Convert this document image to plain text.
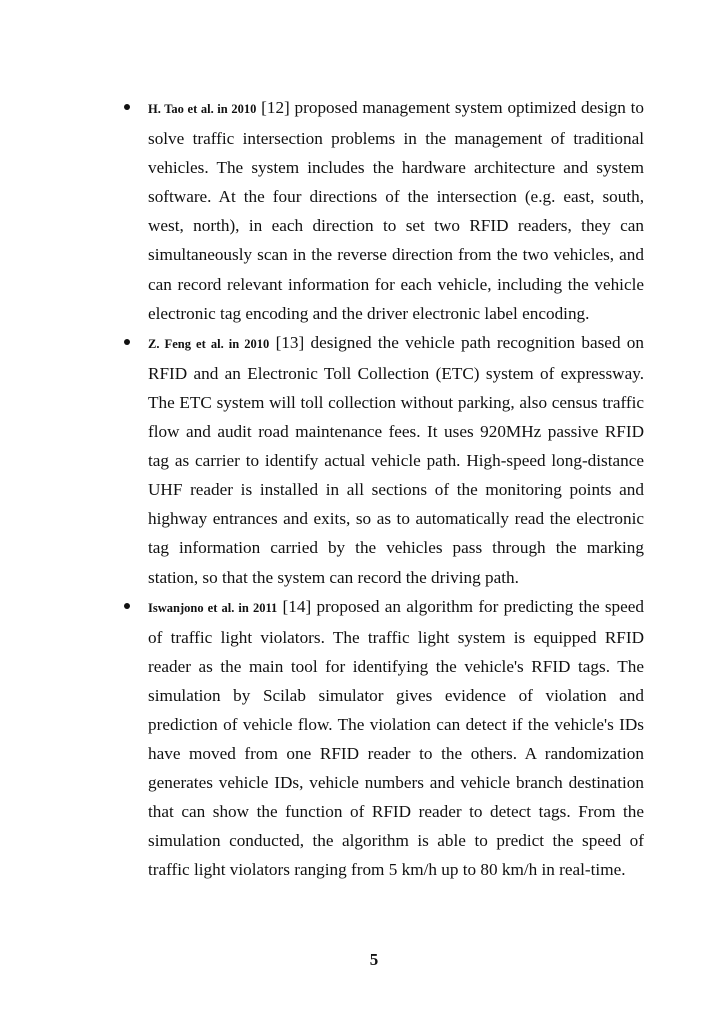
H. Tao et al. in 2010 [12] proposed management system optimized design to solve traffic intersection problems in the management of traditional vehicles. The system includes the hardware architecture and system software. At the four directions of the intersection (e.g. east, south, west, north), in each direction to set two RFID readers, they can simultaneously scan in the reverse direction from the two vehicles, and can record relevant information for each vehicle, including the vehicle electronic tag encoding and the driver electronic label encoding.
Z. Feng et al. in 2010 [13] designed the vehicle path recognition based on RFID and an Electronic Toll Collection (ETC) system of expressway. The ETC system will toll collection without parking, also census traffic flow and audit road maintenance fees. It uses 920MHz passive RFID tag as carrier to identify actual vehicle path. High-speed long-distance UHF reader is installed in all sections of the monitoring points and highway entrances and exits, so as to automatically read the electronic tag information carried by the vehicles pass through the marking station, so that the system can record the driving path.
Iswanjono et al. in 2011 [14] proposed an algorithm for predicting the speed of traffic light violators. The traffic light system is equipped RFID reader as the main tool for identifying the vehicle's RFID tags. The simulation by Scilab simulator gives evidence of violation and prediction of vehicle flow. The violation can detect if the vehicle's IDs have moved from one RFID reader to the others. A randomization generates vehicle IDs, vehicle numbers and vehicle branch destination that can show the function of RFID reader to detect tags. From the simulation conducted, the algorithm is able to predict the speed of traffic light violators ranging from 5 km/h up to 80 km/h in real-time.
5
